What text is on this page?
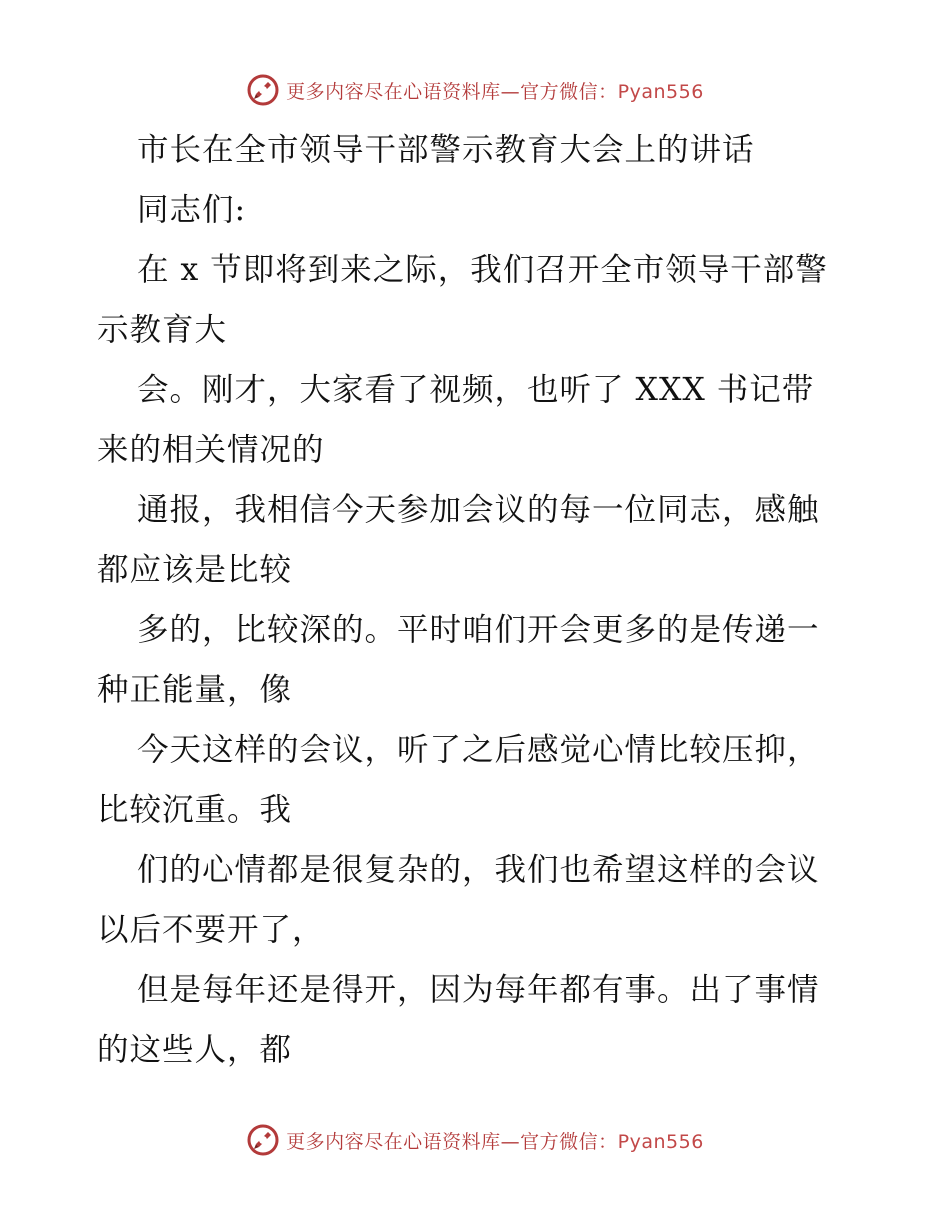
更多内容尽在心语资料库—官方微信：Pyan556
市长在全市领导干部警示教育大会上的讲话
同志们:
在 x 节即将到来之际，我们召开全市领导干部警
示教育大
会。刚才，大家看了视频，也听了 XXX 书记带
来的相关情况的
通报，我相信今天参加会议的每一位同志，感触
都应该是比较
多的，比较深的。平时咱们开会更多的是传递一
种正能量，像
今天这样的会议，听了之后感觉心情比较压抑，
比较沉重。我
们的心情都是很复杂的，我们也希望这样的会议
以后不要开了，
但是每年还是得开，因为每年都有事。出了事情
的这些人，都
更多内容尽在心语资料库—官方微信：Pyan556
